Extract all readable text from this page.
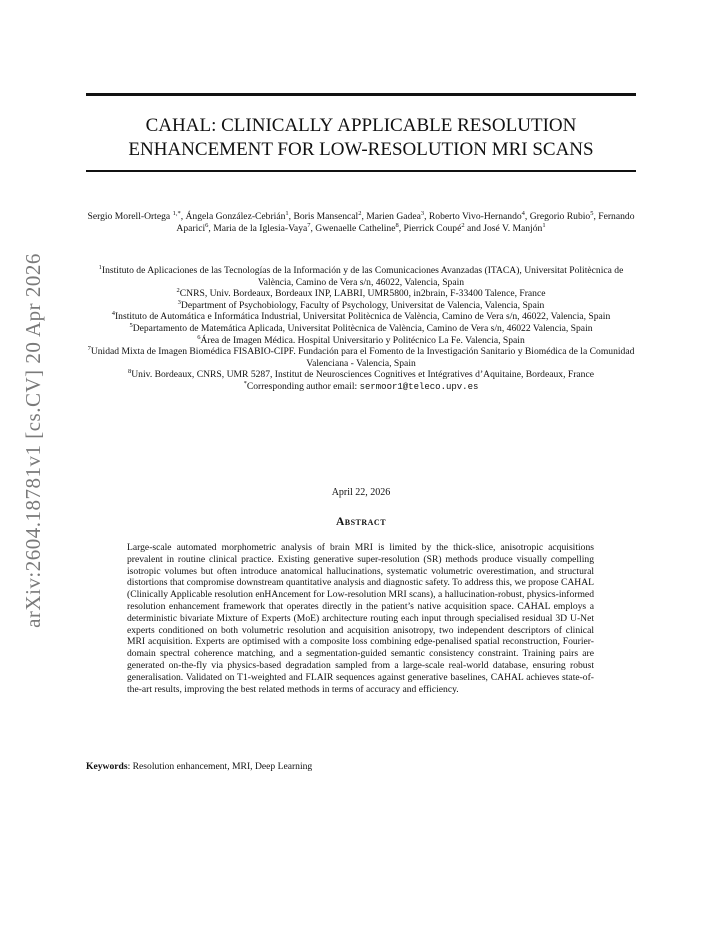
arXiv:2604.18781v1 [cs.CV] 20 Apr 2026
CAHAL: CLINICALLY APPLICABLE RESOLUTION
ENHANCEMENT FOR LOW-RESOLUTION MRI SCANS
Sergio Morell-Ortega $^{1,*}$, Ángela González-Cebrián$^1$, Boris Mansencal$^2$, Marien Gadea$^3$, Roberto Vivo-Hernando$^4$, Gregorio Rubio$^5$, Fernando Aparici$^6$, Maria de la Iglesia-Vaya$^7$, Gwenaelle Catheline$^8$, Pierrick Coupé$^2$ and José V. Manjón$^1$
$^1$Instituto de Aplicaciones de las Tecnologías de la Información y de las Comunicaciones Avanzadas (ITACA), Universitat Politècnica de València, Camino de Vera s/n, 46022, Valencia, Spain
$^2$CNRS, Univ. Bordeaux, Bordeaux INP, LABRI, UMR5800, in2brain, F-33400 Talence, France
$^3$Department of Psychobiology, Faculty of Psychology, Universitat de Valencia, Valencia, Spain
$^4$Instituto de Automática e Informática Industrial, Universitat Politècnica de València, Camino de Vera s/n, 46022, Valencia, Spain
$^5$Departamento de Matemática Aplicada, Universitat Politècnica de València, Camino de Vera s/n, 46022 Valencia, Spain
$^6$Área de Imagen Médica. Hospital Universitario y Politécnico La Fe. Valencia, Spain
$^7$Unidad Mixta de Imagen Biomédica FISABIO-CIPF. Fundación para el Fomento de la Investigación Sanitario y Biomédica de la Comunidad Valenciana - Valencia, Spain
$^8$Univ. Bordeaux, CNRS, UMR 5287, Institut de Neurosciences Cognitives et Intégratives d’Aquitaine, Bordeaux, France
*Corresponding author email: sermoor1@teleco.upv.es
April 22, 2026
Abstract
Large-scale automated morphometric analysis of brain MRI is limited by the thick-slice, anisotropic acquisitions prevalent in routine clinical practice. Existing generative super-resolution (SR) methods produce visually compelling isotropic volumes but often introduce anatomical hallucinations, systematic volumetric overestimation, and structural distortions that compromise downstream quantitative analysis and diagnostic safety. To address this, we propose CAHAL (Clinically Applicable resolution enHAncement for Low-resolution MRI scans), a hallucination-robust, physics-informed resolution enhancement framework that operates directly in the patient’s native acquisition space. CAHAL employs a deterministic bivariate Mixture of Experts (MoE) architecture routing each input through specialised residual 3D U-Net experts conditioned on both volumetric resolution and acquisition anisotropy, two independent descriptors of clinical MRI acquisition. Experts are optimised with a composite loss combining edge-penalised spatial reconstruction, Fourier-domain spectral coherence matching, and a segmentation-guided semantic consistency constraint. Training pairs are generated on-the-fly via physics-based degradation sampled from a large-scale real-world database, ensuring robust generalisation. Validated on T1-weighted and FLAIR sequences against generative baselines, CAHAL achieves state-of-the-art results, improving the best related methods in terms of accuracy and efficiency.
Keywords: Resolution enhancement, MRI, Deep Learning
